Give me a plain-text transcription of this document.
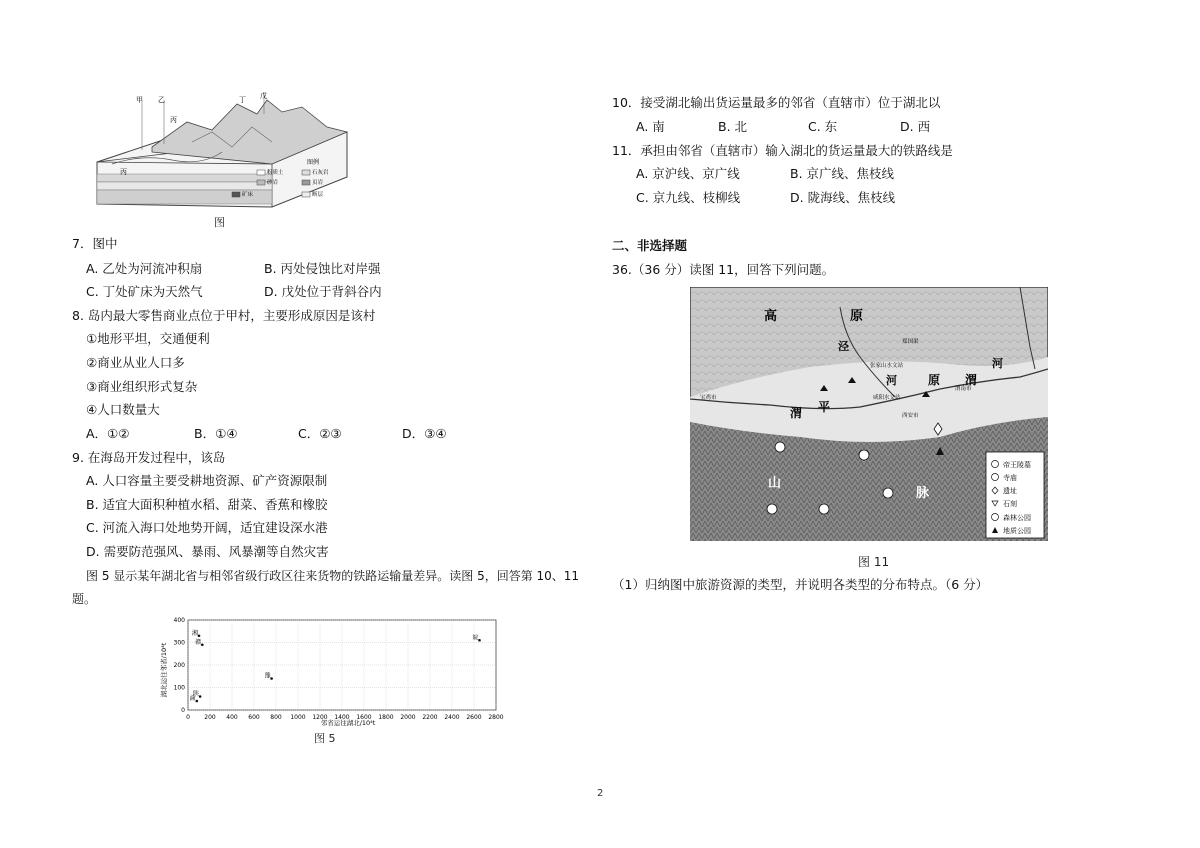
甲 乙
丙
丁 戊
丙
图例
粉质土	石灰岩
砂岩	页岩
矿床	断层
图
7．图中
A. 乙处为河流冲积扇	B. 丙处侵蚀比对岸强
C. 丁处矿床为天然气	D. 戊处位于背斜谷内
8. 岛内最大零售商业点位于甲村，主要形成原因是该村
①地形平坦，交通便利
②商业从业人口多
③商业组织形式复杂
④人口数量大
A．①②	B．①④	C．②③	D．③④
9. 在海岛开发过程中，该岛
A. 人口容量主要受耕地资源、矿产资源限制
B. 适宜大面积种植水稻、甜菜、香蕉和橡胶
C. 河流入海口处地势开阔，适宜建设深水港
D. 需要防范强风、暴雨、风暴潮等自然灾害
图 5 显示某年湖北省与相邻省级行政区往来货物的铁路运输量差异。读图 5，回答第 10、11
题。
0 200 400 600 800 1000 1200 1400 1600 1800 2000 2200 2400 2600 2800
0
100
200
300
400
湘
赣
陕
渝
豫
皖
邻省运往湖北/10⁴t
湖北运往邻省/10⁴t
图 5
10．接受湖北输出货运量最多的邻省（直辖市）位于湖北以
A. 南	B. 北	C. 东	D. 西
11．承担由邻省（直辖市）输入湖北的货运量最大的铁路线是
A. 京沪线、京广线	B. 京广线、焦枝线
C. 京九线、枝柳线	D. 陇海线、焦枝线
二、非选择题
36.（36 分）读图 11，回答下列问题。
高	原
泾
河	原 渭
河
渭 平
山
脉
郑国渠
张家山水文站
咸阳水文站
宝鸡市
西安市
渭南市
帝王陵墓
寺庙
遗址
石刻
森林公园
地质公园
图 11
（1）归纳图中旅游资源的类型，并说明各类型的分布特点。（6 分）
2
